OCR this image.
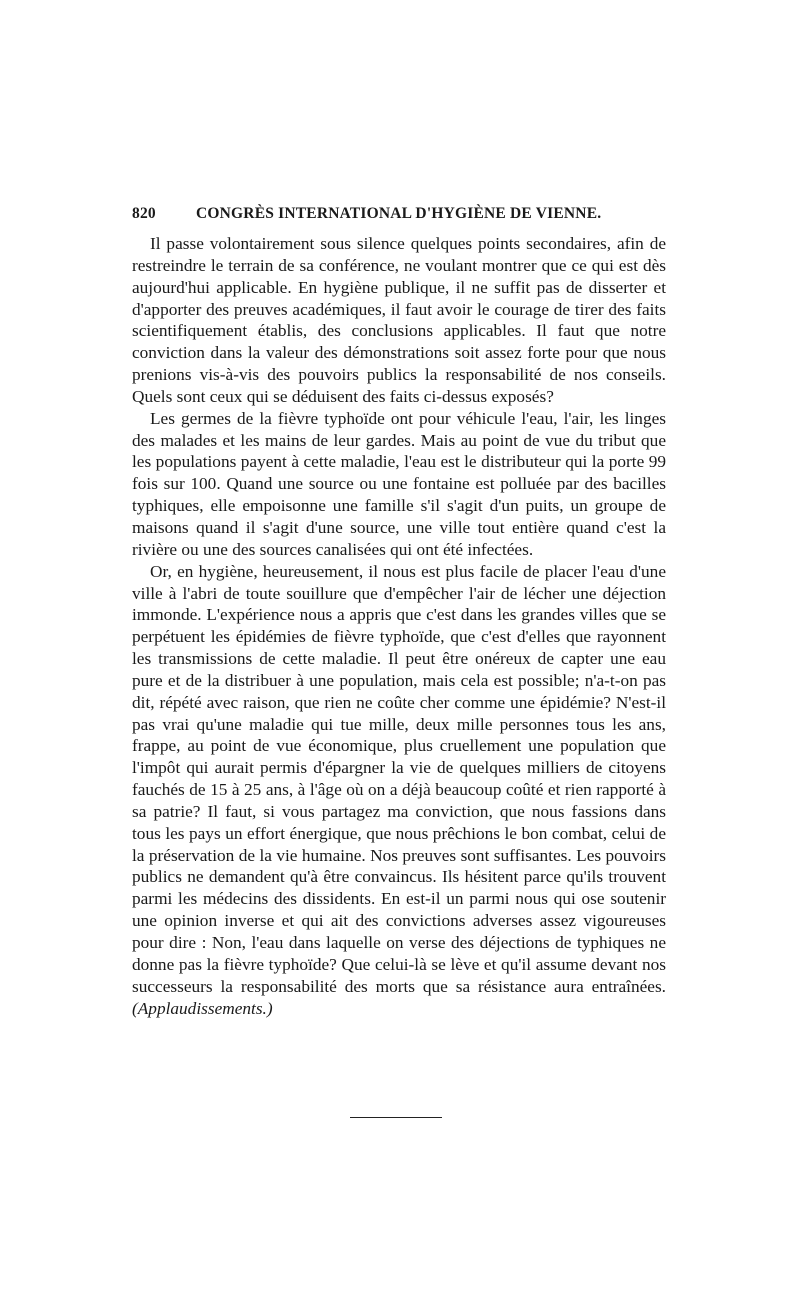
820	CONGRÈS INTERNATIONAL D'HYGIÈNE DE VIENNE.

Il passe volontairement sous silence quelques points secondaires, afin de restreindre le terrain de sa conférence, ne voulant montrer que ce qui est dès aujourd'hui applicable. En hygiène publique, il ne suffit pas de disserter et d'apporter des preuves académiques, il faut avoir le courage de tirer des faits scientifiquement établis, des conclusions applicables. Il faut que notre conviction dans la valeur des démonstrations soit assez forte pour que nous prenions vis-à-vis des pouvoirs publics la responsabilité de nos conseils. Quels sont ceux qui se déduisent des faits ci-dessus exposés?

Les germes de la fièvre typhoïde ont pour véhicule l'eau, l'air, les linges des malades et les mains de leur gardes. Mais au point de vue du tribut que les populations payent à cette maladie, l'eau est le distributeur qui la porte 99 fois sur 100. Quand une source ou une fontaine est polluée par des bacilles typhiques, elle empoisonne une famille s'il s'agit d'un puits, un groupe de maisons quand il s'agit d'une source, une ville tout entière quand c'est la rivière ou une des sources canalisées qui ont été infectées.

Or, en hygiène, heureusement, il nous est plus facile de placer l'eau d'une ville à l'abri de toute souillure que d'empêcher l'air de lécher une déjection immonde. L'expérience nous a appris que c'est dans les grandes villes que se perpétuent les épidémies de fièvre typhoïde, que c'est d'elles que rayonnent les transmissions de cette maladie. Il peut être onéreux de capter une eau pure et de la distribuer à une population, mais cela est possible; n'a-t-on pas dit, répété avec raison, que rien ne coûte cher comme une épidémie? N'est-il pas vrai qu'une maladie qui tue mille, deux mille personnes tous les ans, frappe, au point de vue économique, plus cruellement une population que l'impôt qui aurait permis d'épargner la vie de quelques milliers de citoyens fauchés de 15 à 25 ans, à l'âge où on a déjà beaucoup coûté et rien rapporté à sa patrie? Il faut, si vous partagez ma conviction, que nous fassions dans tous les pays un effort énergique, que nous prêchions le bon combat, celui de la préservation de la vie humaine. Nos preuves sont suffisantes. Les pouvoirs publics ne demandent qu'à être convaincus. Ils hésitent parce qu'ils trouvent parmi les médecins des dissidents. En est-il un parmi nous qui ose soutenir une opinion inverse et qui ait des convictions adverses assez vigoureuses pour dire : Non, l'eau dans laquelle on verse des déjections de typhiques ne donne pas la fièvre typhoïde? Que celui-là se lève et qu'il assume devant nos successeurs la responsabilité des morts que sa résistance aura entraînées. (Applaudissements.)
